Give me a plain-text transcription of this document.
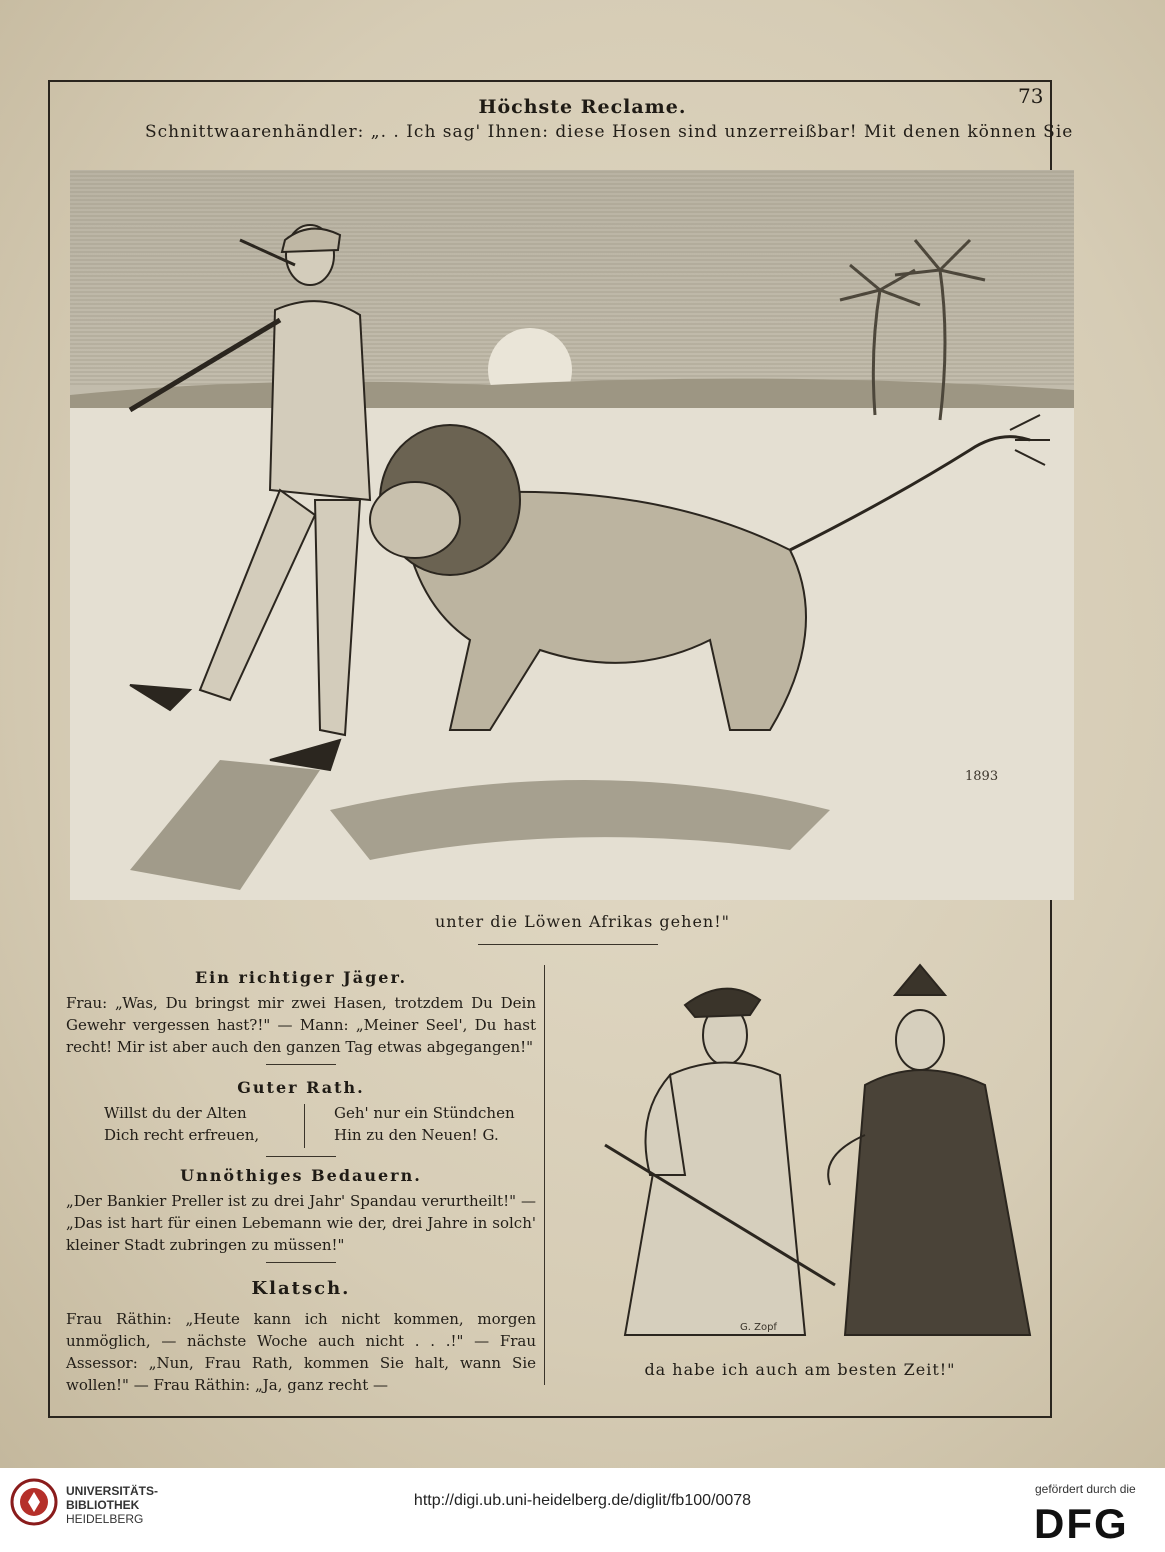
73
Höchste Reclame.
Schnittwaarenhändler: „. . Ich sag' Ihnen: diese Hosen sind unzerreißbar! Mit denen können Sie
1893
unter die Löwen Afrikas gehen!"
Ein richtiger Jäger.
Frau: „Was, Du bringst mir zwei Hasen, trotzdem Du Dein Gewehr vergessen hast?!" — Mann: „Meiner Seel', Du hast recht! Mir ist aber auch den ganzen Tag etwas abgegangen!"
Guter Rath.
Willst du der Alten
Dich recht erfreuen,
Geh' nur ein Stündchen
Hin zu den Neuen! G.
Unnöthiges Bedauern.
„Der Bankier Preller ist zu drei Jahr' Spandau verurtheilt!" — „Das ist hart für einen Lebemann wie der, drei Jahre in solch' kleiner Stadt zubringen zu müssen!"
Klatsch.
Frau Räthin: „Heute kann ich nicht kommen, morgen unmöglich, — nächste Woche auch nicht . . .!" — Frau Assessor: „Nun, Frau Rath, kommen Sie halt, wann Sie wollen!" — Frau Räthin: „Ja, ganz recht —
G. Zopf
da habe ich auch am besten Zeit!"
UNIVERSITÄTS-
BIBLIOTHEK
HEIDELBERG
http://digi.ub.uni-heidelberg.de/diglit/fb100/0078
gefördert durch die
DFG
